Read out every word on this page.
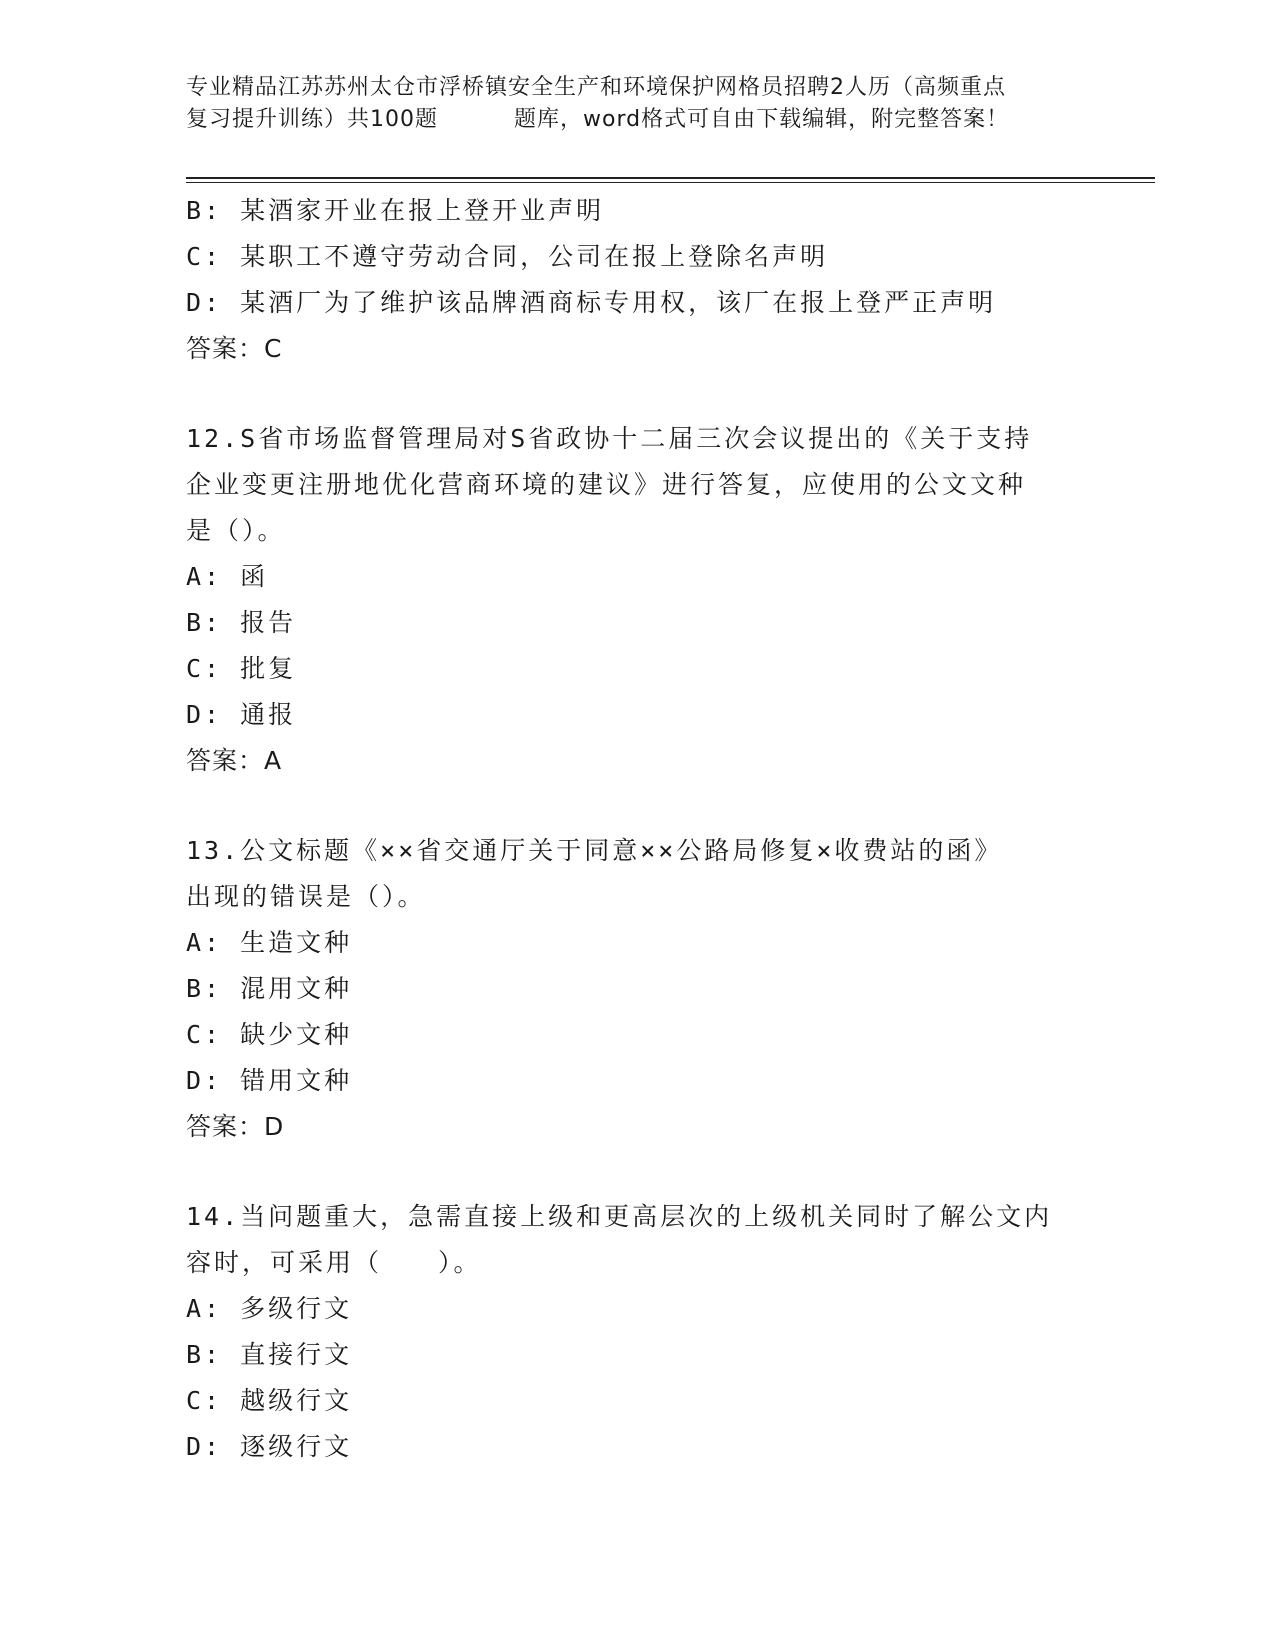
专业精品江苏苏州太仓市浮桥镇安全生产和环境保护网格员招聘2人历（高频重点
复习提升训练）共100题	题库，word格式可自由下载编辑，附完整答案！
B: 某酒家开业在报上登开业声明
C: 某职工不遵守劳动合同，公司在报上登除名声明
D: 某酒厂为了维护该品牌酒商标专用权，该厂在报上登严正声明
答案：C
12.S省市场监督管理局对S省政协十二届三次会议提出的《关于支持
企业变更注册地优化营商环境的建议》进行答复，应使用的公文文种
是（）。
A: 函
B: 报告
C: 批复
D: 通报
答案：A
13.公文标题《××省交通厅关于同意××公路局修复×收费站的函》
出现的错误是（）。
A: 生造文种
B: 混用文种
C: 缺少文种
D: 错用文种
答案：D
14.当问题重大，急需直接上级和更高层次的上级机关同时了解公文内
容时，可采用（　　）。
A: 多级行文
B: 直接行文
C: 越级行文
D: 逐级行文
